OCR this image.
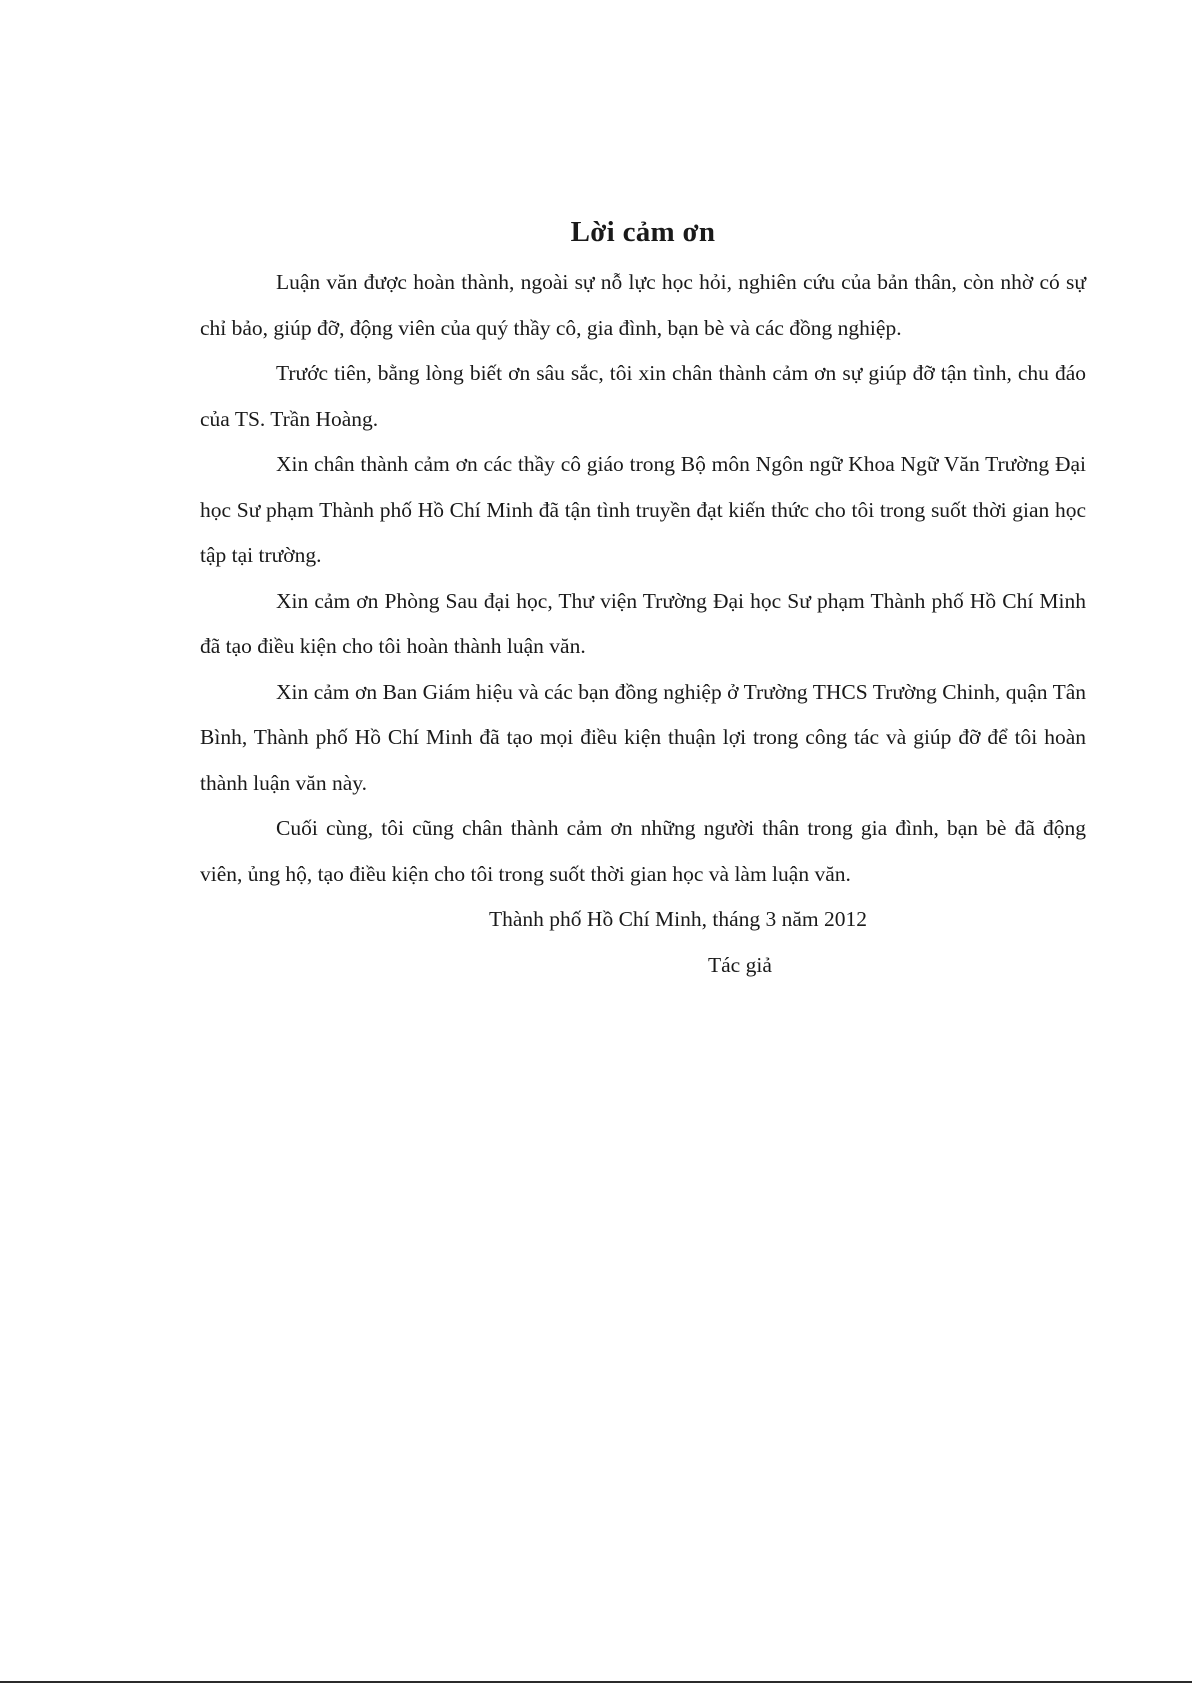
Lời cảm ơn

Luận văn được hoàn thành, ngoài sự nỗ lực học hỏi, nghiên cứu của bản thân, còn nhờ có sự chỉ bảo, giúp đỡ, động viên của quý thầy cô, gia đình, bạn bè và các đồng nghiệp.

Trước tiên, bằng lòng biết ơn sâu sắc, tôi xin chân thành cảm ơn sự giúp đỡ tận tình, chu đáo của TS. Trần Hoàng.

Xin chân thành cảm ơn các thầy cô giáo trong Bộ môn Ngôn ngữ Khoa Ngữ Văn Trường Đại học Sư phạm Thành phố Hồ Chí Minh đã tận tình truyền đạt kiến thức cho tôi trong suốt thời gian học tập tại trường.

Xin cảm ơn Phòng Sau đại học, Thư viện Trường Đại học Sư phạm Thành phố Hồ Chí Minh đã tạo điều kiện cho tôi hoàn thành luận văn.

Xin cảm ơn Ban Giám hiệu và các bạn đồng nghiệp ở Trường THCS Trường Chinh, quận Tân Bình, Thành phố Hồ Chí Minh đã tạo mọi điều kiện thuận lợi trong công tác và giúp đỡ để tôi hoàn thành luận văn này.

Cuối cùng, tôi cũng chân thành cảm ơn những người thân trong gia đình, bạn bè đã động viên, ủng hộ, tạo điều kiện cho tôi trong suốt thời gian học và làm luận văn.

Thành phố Hồ Chí Minh, tháng 3 năm 2012
Tác giả
